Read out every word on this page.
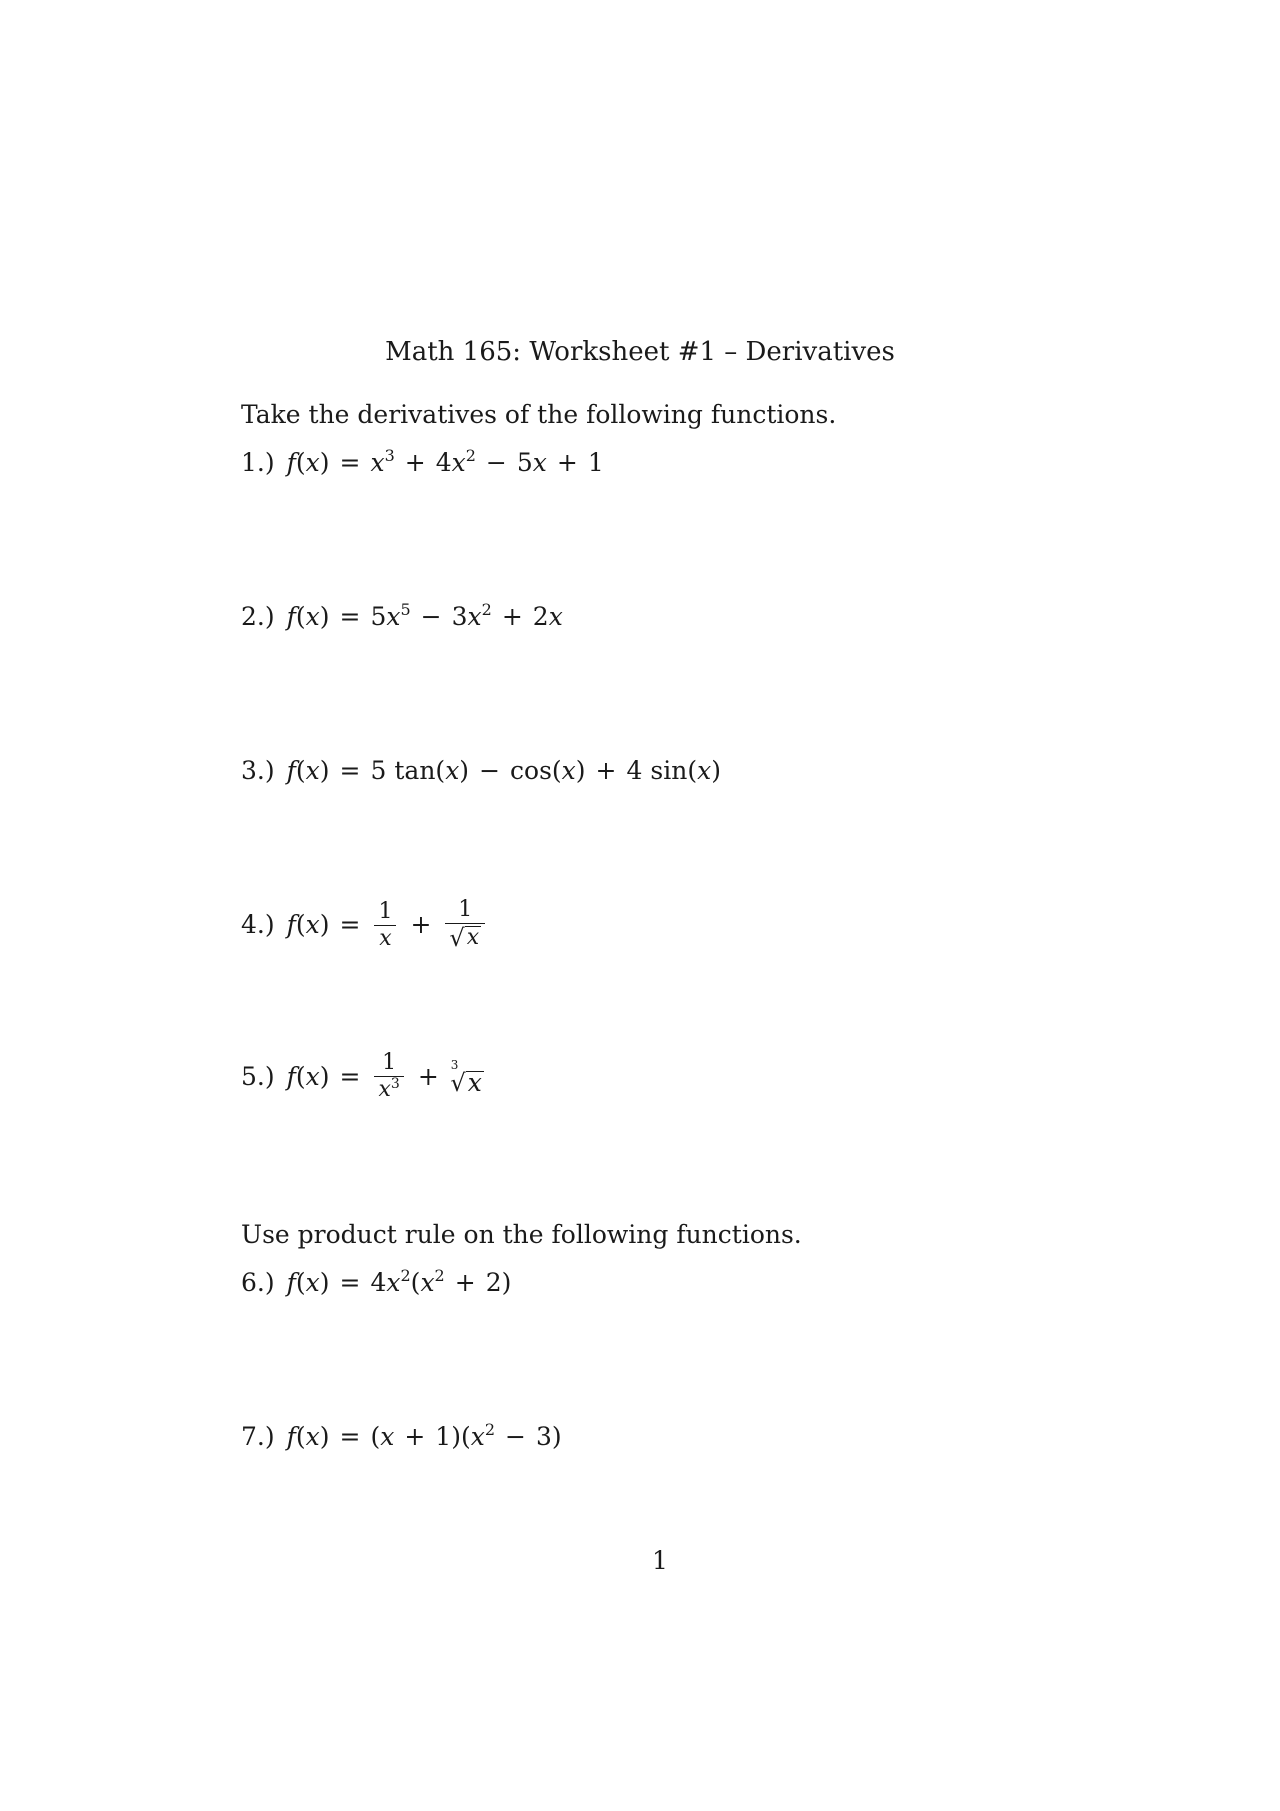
Math 165: Worksheet #1 – Derivatives
Take the derivatives of the following functions.
1.) $f(x) = x^3 + 4x^2 - 5x + 1$
2.) $f(x) = 5x^5 - 3x^2 + 2x$
3.) f(x) = 5 tan(x) − cos(x) + 4 sin(x)
4.) f ( x ) = $\frac{1}{x} + \frac{1}{√ x}$
5.) f ( x ) = $\frac{1}{x^3} + 3$
√ x
Use product rule on the following functions.
6.) $f(x) = 4x^2(x^2 + 2)$
7.) $f(x) = (x + 1)(x^2 - 3)$
1
